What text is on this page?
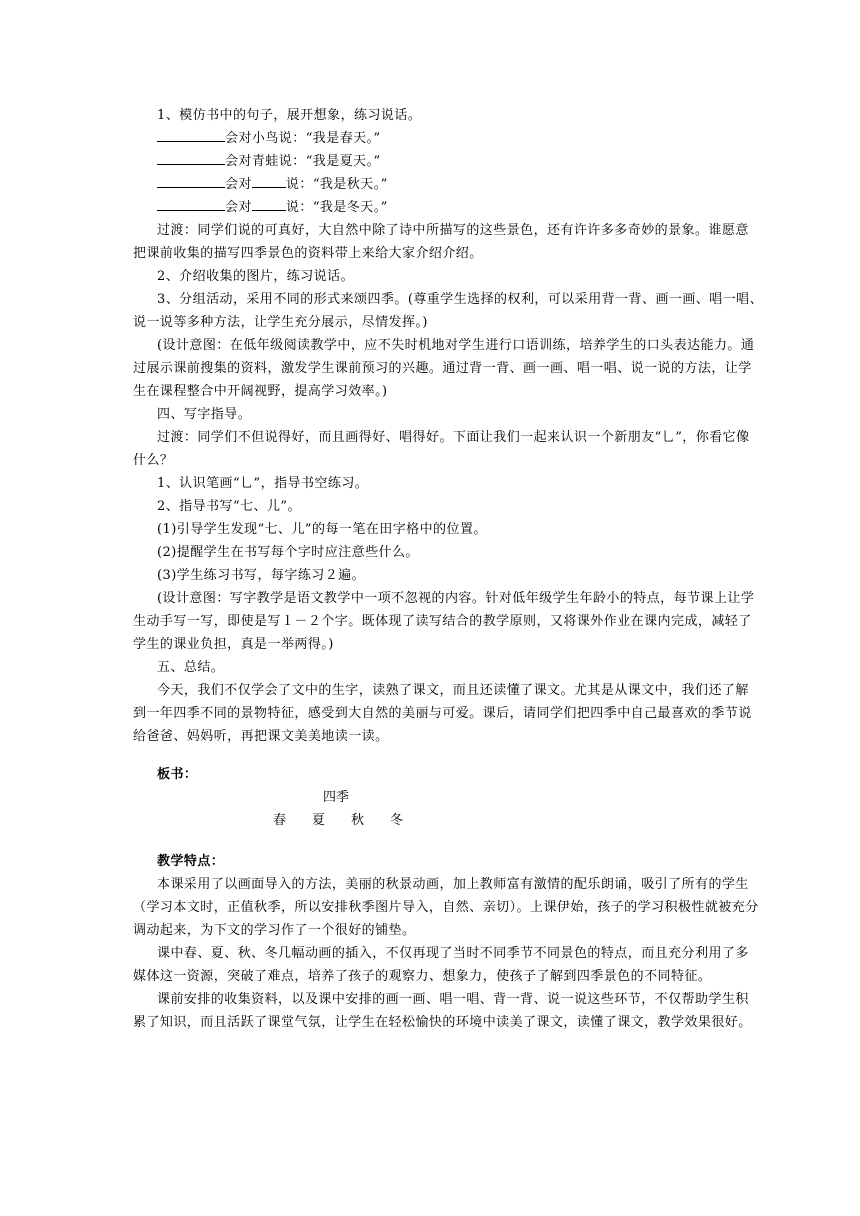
1、模仿书中的句子，展开想象，练习说话。
会对小鸟说：“我是春天。”
会对青蛙说：“我是夏天。”
会对	说：“我是秋天。”
会对	说：“我是冬天。”
过渡：同学们说的可真好，大自然中除了诗中所描写的这些景色，还有许许多多奇妙的景象。谁愿意
把课前收集的描写四季景色的资料带上来给大家介绍介绍。
2、介绍收集的图片，练习说话。
3、分组活动，采用不同的形式来颂四季。(尊重学生选择的权利，可以采用背一背、画一画、唱一唱、
说一说等多种方法，让学生充分展示，尽情发挥。)
(设计意图：在低年级阅读教学中，应不失时机地对学生进行口语训练，培养学生的口头表达能力。通
过展示课前搜集的资料，激发学生课前预习的兴趣。通过背一背、画一画、唱一唱、说一说的方法，让学
生在课程整合中开阔视野，提高学习效率。)
四、写字指导。
过渡：同学们不但说得好，而且画得好、唱得好。下面让我们一起来认识一个新朋友“乚”，你看它像
什么？
1、认识笔画“乚”，指导书空练习。
2、指导书写“七、儿”。
(1)引导学生发现“七、儿”的每一笔在田字格中的位置。
(2)提醒学生在书写每个字时应注意些什么。
(3)学生练习书写，每字练习２遍。
(设计意图：写字教学是语文教学中一项不忽视的内容。针对低年级学生年龄小的特点，每节课上让学
生动手写一写，即使是写１－２个字。既体现了读写结合的教学原则，又将课外作业在课内完成，减轻了
学生的课业负担，真是一举两得。)
五、总结。
今天，我们不仅学会了文中的生字，读熟了课文，而且还读懂了课文。尤其是从课文中，我们还了解
到一年四季不同的景物特征，感受到大自然的美丽与可爱。课后，请同学们把四季中自己最喜欢的季节说
给爸爸、妈妈听，再把课文美美地读一读。
板书：
四季
春 夏 秋 冬
教学特点：
本课采用了以画面导入的方法，美丽的秋景动画，加上教师富有激情的配乐朗诵，吸引了所有的学生
（学习本文时，正值秋季，所以安排秋季图片导入，自然、亲切）。上课伊始，孩子的学习积极性就被充分
调动起来，为下文的学习作了一个很好的铺垫。
课中春、夏、秋、冬几幅动画的插入，不仅再现了当时不同季节不同景色的特点，而且充分利用了多
媒体这一资源，突破了难点，培养了孩子的观察力、想象力，使孩子了解到四季景色的不同特征。
课前安排的收集资料，以及课中安排的画一画、唱一唱、背一背、说一说这些环节，不仅帮助学生积
累了知识，而且活跃了课堂气氛，让学生在轻松愉快的环境中读美了课文，读懂了课文，教学效果很好。
